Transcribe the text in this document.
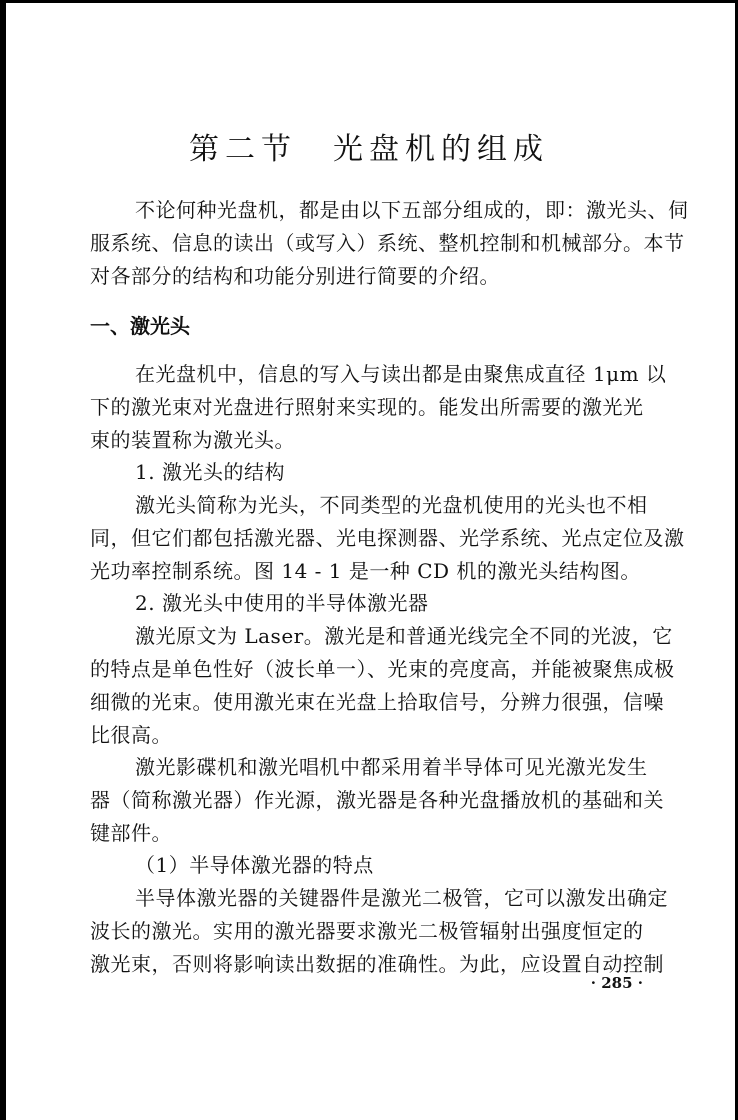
第二节　光盘机的组成
不论何种光盘机，都是由以下五部分组成的，即：激光头、伺
服系统、信息的读出（或写入）系统、整机控制和机械部分。本节
对各部分的结构和功能分别进行简要的介绍。
一、激光头
在光盘机中，信息的写入与读出都是由聚焦成直径 1μm 以
下的激光束对光盘进行照射来实现的。能发出所需要的激光光
束的装置称为激光头。
1. 激光头的结构
激光头简称为光头，不同类型的光盘机使用的光头也不相
同，但它们都包括激光器、光电探测器、光学系统、光点定位及激
光功率控制系统。图 14 - 1 是一种 CD 机的激光头结构图。
2. 激光头中使用的半导体激光器
激光原文为 Laser。激光是和普通光线完全不同的光波，它
的特点是单色性好（波长单一）、光束的亮度高，并能被聚焦成极
细微的光束。使用激光束在光盘上拾取信号，分辨力很强，信噪
比很高。
激光影碟机和激光唱机中都采用着半导体可见光激光发生
器（简称激光器）作光源，激光器是各种光盘播放机的基础和关
键部件。
（1）半导体激光器的特点
半导体激光器的关键器件是激光二极管，它可以激发出确定
波长的激光。实用的激光器要求激光二极管辐射出强度恒定的
激光束，否则将影响读出数据的准确性。为此，应设置自动控制
· 285 ·
